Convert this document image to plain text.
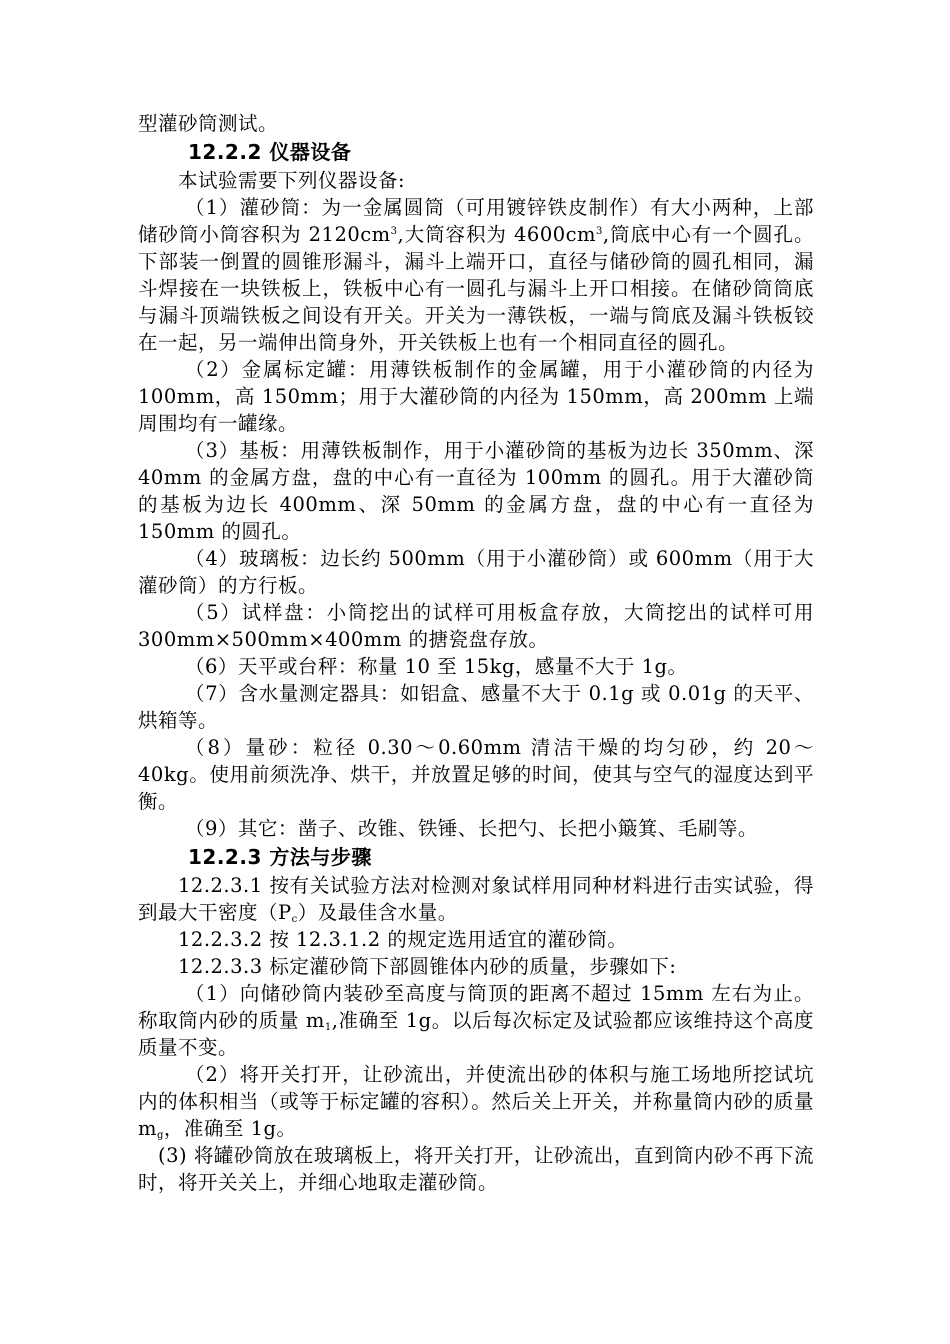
型灌砂筒测试。

12.2.2 仪器设备

本试验需要下列仪器设备:

（1）灌砂筒：为一金属圆筒（可用镀锌铁皮制作）有大小两种，上部储砂筒小筒容积为 $2120cm^3$,大筒容积为 $4600cm^3$,筒底中心有一个圆孔。下部装一倒置的圆锥形漏斗，漏斗上端开口，直径与储砂筒的圆孔相同，漏斗焊接在一块铁板上，铁板中心有一圆孔与漏斗上开口相接。在储砂筒筒底与漏斗顶端铁板之间设有开关。开关为一薄铁板，一端与筒底及漏斗铁板铰在一起，另一端伸出筒身外，开关铁板上也有一个相同直径的圆孔。

（2）金属标定罐：用薄铁板制作的金属罐，用于小灌砂筒的内径为 100mm，高 150mm；用于大灌砂筒的内径为 150mm，高 200mm 上端周围均有一罐缘。

（3）基板：用薄铁板制作，用于小灌砂筒的基板为边长 350mm、深 40mm 的金属方盘，盘的中心有一直径为 100mm 的圆孔。用于大灌砂筒的基板为边长 400mm、深 50mm 的金属方盘，盘的中心有一直径为 150mm 的圆孔。

（4）玻璃板：边长约 500mm（用于小灌砂筒）或 600mm（用于大灌砂筒）的方行板。

（5）试样盘：小筒挖出的试样可用板盒存放，大筒挖出的试样可用 300mm×500mm×400mm 的搪瓷盘存放。

（6）天平或台秤：称量 10 至 15kg，感量不大于 1g。

（7）含水量测定器具：如铝盒、感量不大于 0.1g 或 0.01g 的天平、烘箱等。

（8）量砂：粒径 0.30～0.60mm 清洁干燥的均匀砂，约 20～40kg。使用前须洗净、烘干，并放置足够的时间，使其与空气的湿度达到平衡。

（9）其它：凿子、改锥、铁锤、长把勺、长把小簸箕、毛刷等。

12.2.3 方法与步骤

12.2.3.1 按有关试验方法对检测对象试样用同种材料进行击实试验，得到最大干密度$(P_c)$及最佳含水量。

12.2.3.2 按 12.3.1.2 的规定选用适宜的灌砂筒。

12.2.3.3 标定灌砂筒下部圆锥体内砂的质量，步骤如下:

（1）向储砂筒内装砂至高度与筒顶的距离不超过 15mm 左右为止。称取筒内砂的质量 $m_1$,准确至 1g。以后每次标定及试验都应该维持这个高度质量不变。

（2）将开关打开，让砂流出，并使流出砂的体积与施工场地所挖试坑内的体积相当（或等于标定罐的容积）。然后关上开关，并称量筒内砂的质量 $m_g$，准确至 1g。

(3) 将罐砂筒放在玻璃板上，将开关打开，让砂流出，直到筒内砂不再下流时，将开关关上，并细心地取走灌砂筒。
